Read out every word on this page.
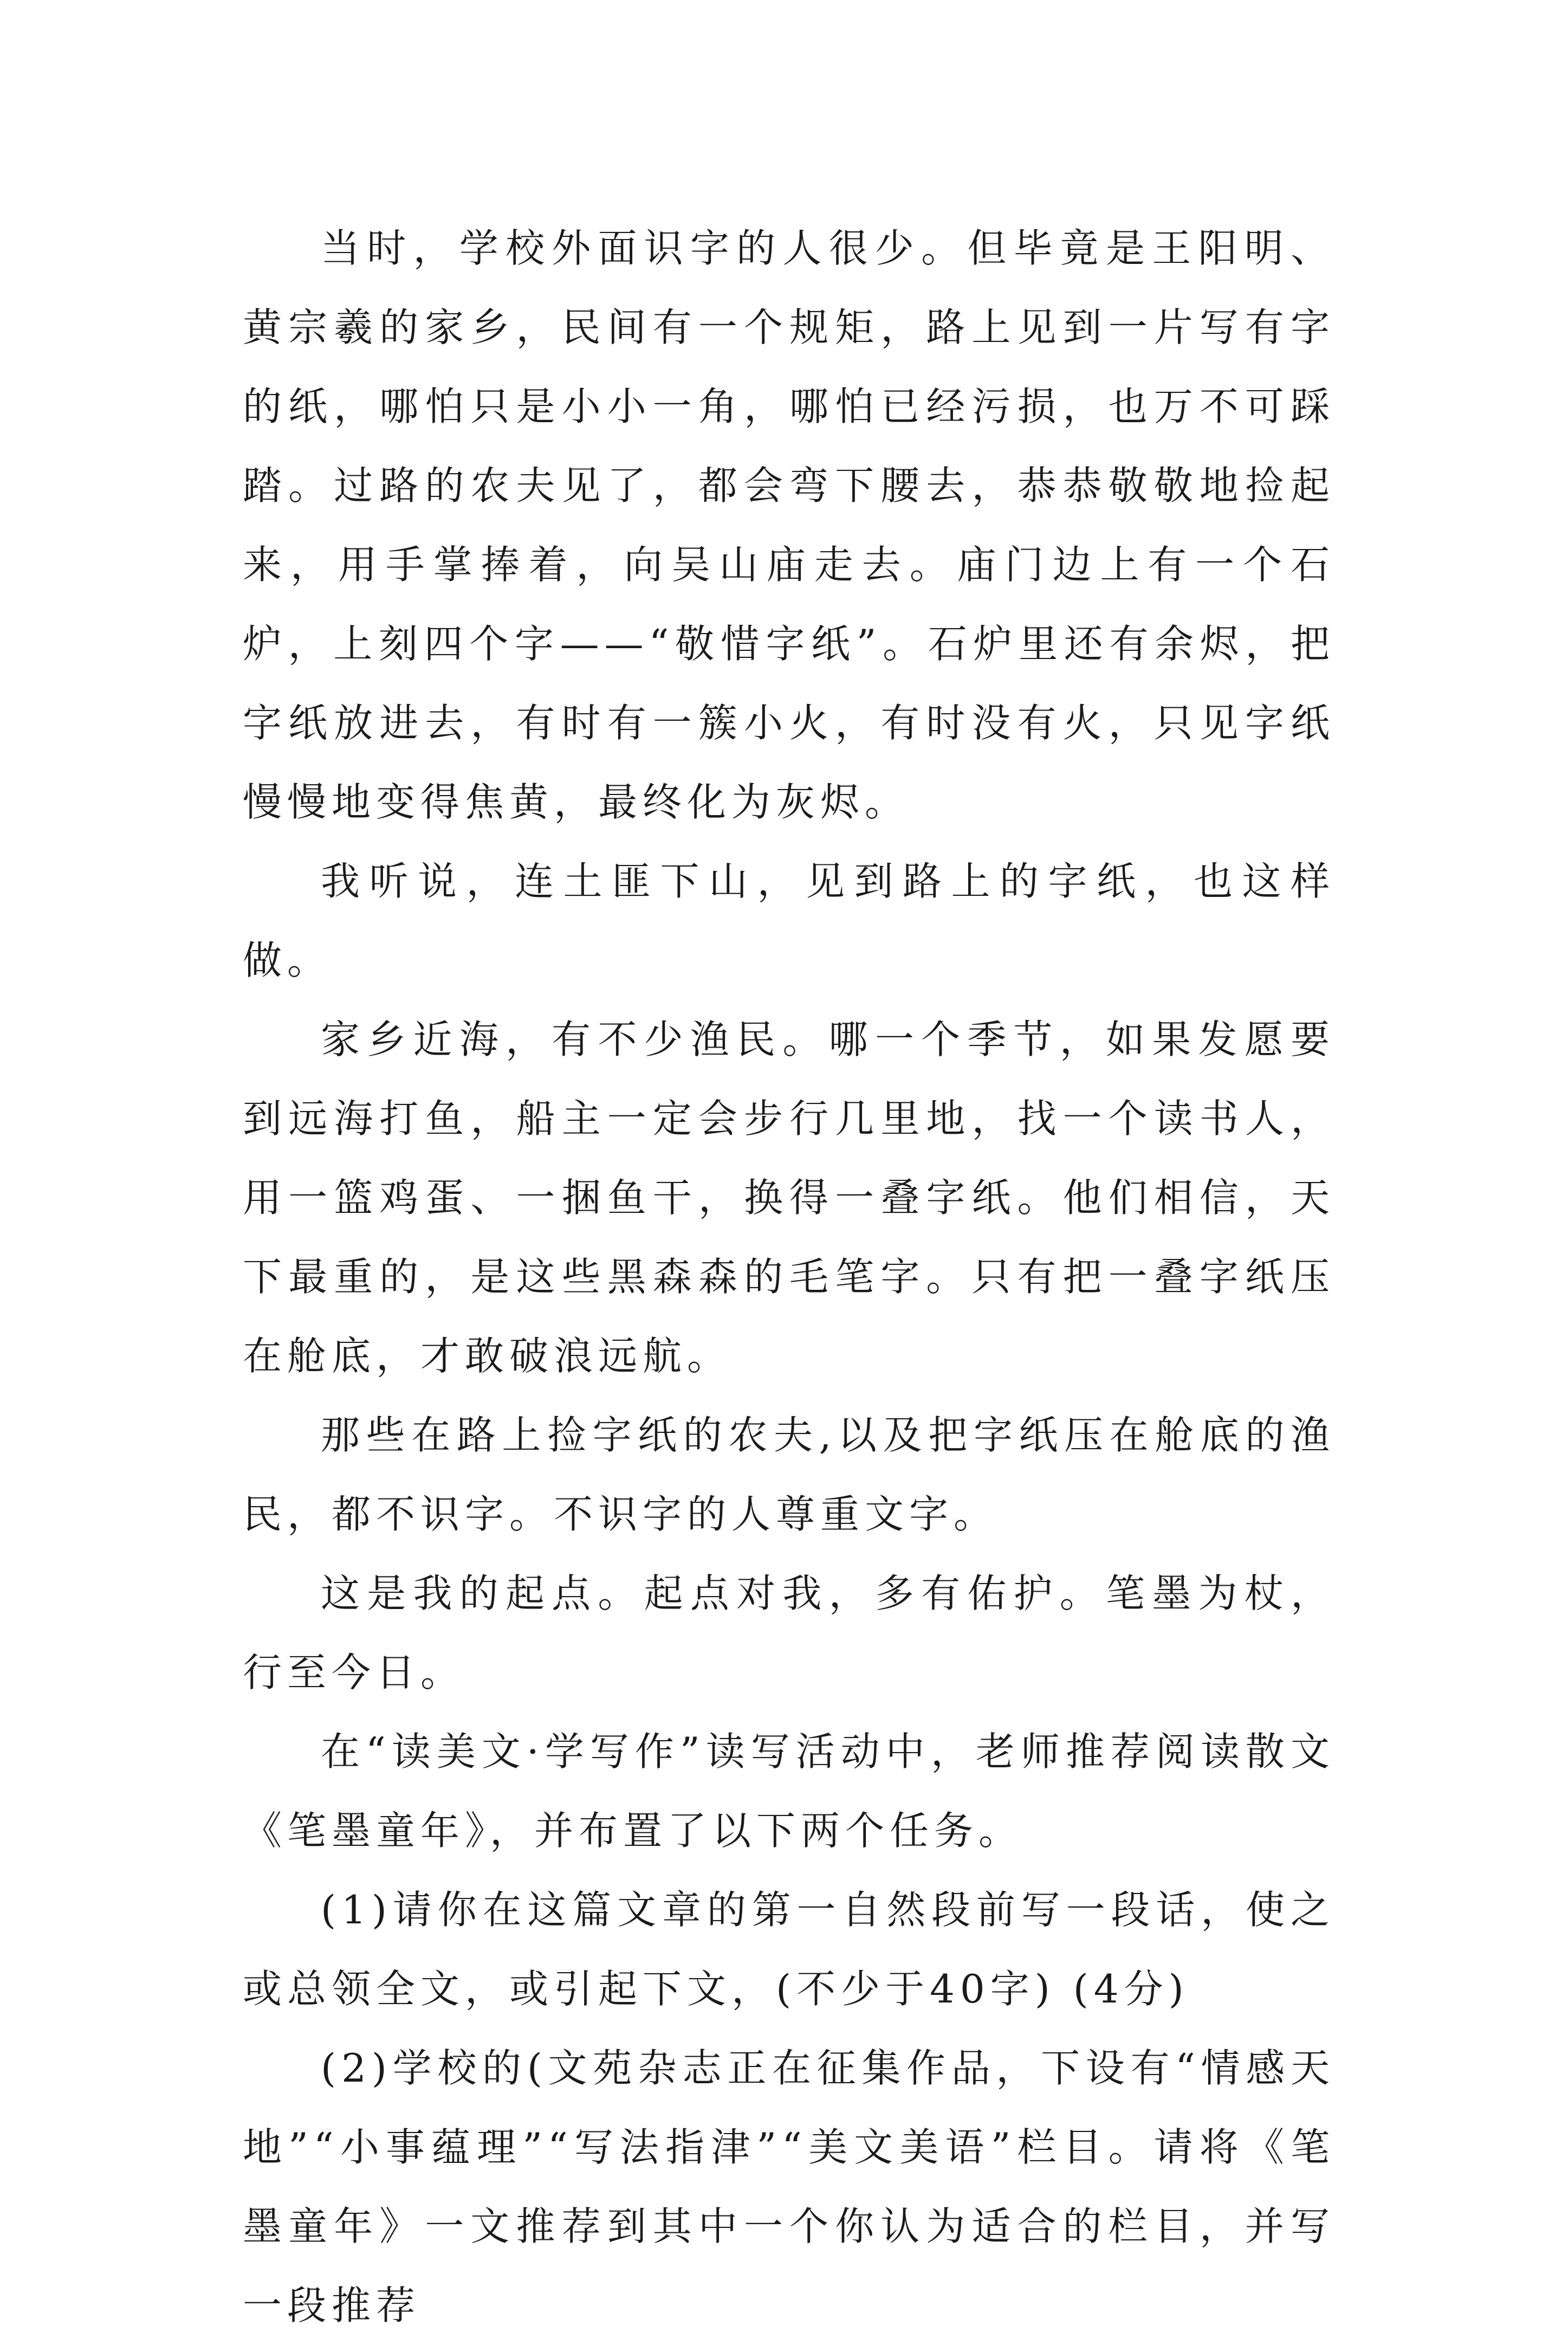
当时，学校外面识字的人很少。但毕竟是王阳明、黄宗羲的家乡，民间有一个规矩，路上见到一片写有字的纸，哪怕只是小小一角，哪怕已经污损，也万不可踩踏。过路的农夫见了，都会弯下腰去，恭恭敬敬地捡起来，用手掌捧着，向吴山庙走去。庙门边上有一个石炉，上刻四个字——“敬惜字纸”。石炉里还有余烬，把字纸放进去，有时有一簇小火，有时没有火，只见字纸慢慢地变得焦黄，最终化为灰烬。

我听说，连土匪下山，见到路上的字纸，也这样做。

家乡近海，有不少渔民。哪一个季节，如果发愿要到远海打鱼，船主一定会步行几里地，找一个读书人，用一篮鸡蛋、一捆鱼干，换得一叠字纸。他们相信，天下最重的，是这些黑森森的毛笔字。只有把一叠字纸压在舱底，才敢破浪远航。

那些在路上捡字纸的农夫,以及把字纸压在舱底的渔民，都不识字。不识字的人尊重文字。

这是我的起点。起点对我，多有佑护。笔墨为杖，行至今日。

在“读美文·学写作”读写活动中，老师推荐阅读散文《笔墨童年》，并布置了以下两个任务。

(1)请你在这篇文章的第一自然段前写一段话，使之或总领全文，或引起下文，(不少于40字) (4分)

(2)学校的(文苑杂志正在征集作品，下设有“情感天地”“小事蕴理”“写法指津”“美文美语”栏目。请将《笔墨童年》一文推荐到其中一个你认为适合的栏目，并写一段推荐
